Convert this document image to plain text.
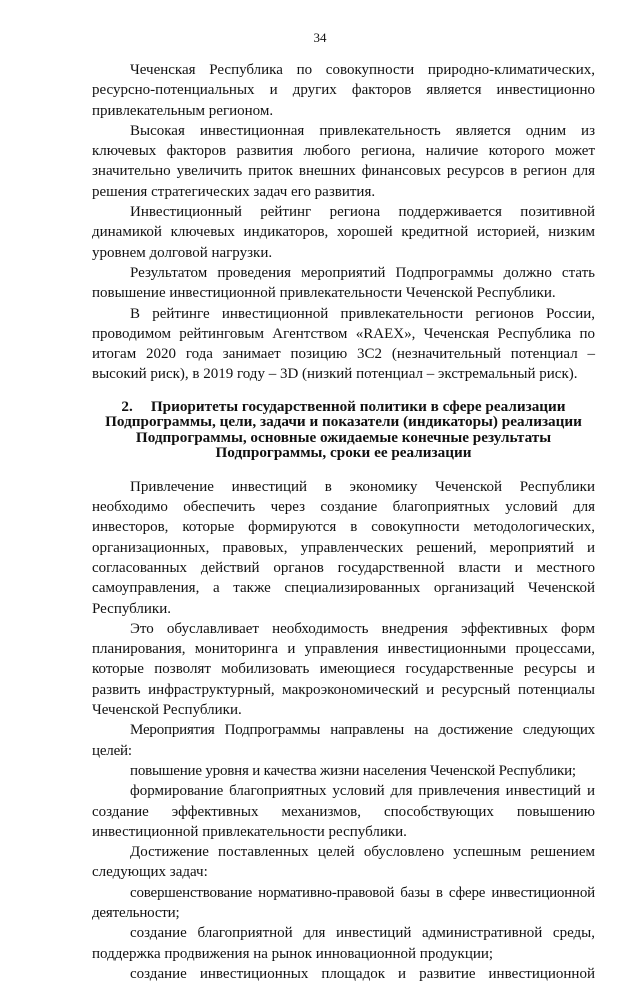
34

Чеченская Республика по совокупности природно-климатических, ресурсно-потенциальных и других факторов является инвестиционно привлекательным регионом.

Высокая инвестиционная привлекательность является одним из ключевых факторов развития любого региона, наличие которого может значительно увеличить приток внешних финансовых ресурсов в регион для решения стратегических задач его развития.

Инвестиционный рейтинг региона поддерживается позитивной динамикой ключевых индикаторов, хорошей кредитной историей, низким уровнем долговой нагрузки.

Результатом проведения мероприятий Подпрограммы должно стать повышение инвестиционной привлекательности Чеченской Республики.

В рейтинге инвестиционной привлекательности регионов России, проводимом рейтинговым Агентством «RAEX», Чеченская Республика по итогам 2020 года занимает позицию 3С2 (незначительный потенциал – высокий риск), в 2019 году – 3D (низкий потенциал – экстремальный риск).

2. Приоритеты государственной политики в сфере реализации Подпрограммы, цели, задачи и показатели (индикаторы) реализации Подпрограммы, основные ожидаемые конечные результаты Подпрограммы, сроки ее реализации

Привлечение инвестиций в экономику Чеченской Республики необходимо обеспечить через создание благоприятных условий для инвесторов, которые формируются в совокупности методологических, организационных, правовых, управленческих решений, мероприятий и согласованных действий органов государственной власти и местного самоуправления, а также специализированных организаций Чеченской Республики.

Это обуславливает необходимость внедрения эффективных форм планирования, мониторинга и управления инвестиционными процессами, которые позволят мобилизовать имеющиеся государственные ресурсы и развить инфраструктурный, макроэкономический и ресурсный потенциалы Чеченской Республики.

Мероприятия Подпрограммы направлены на достижение следующих целей:

повышение уровня и качества жизни населения Чеченской Республики;

формирование благоприятных условий для привлечения инвестиций и создание эффективных механизмов, способствующих повышению инвестиционной привлекательности республики.

Достижение поставленных целей обусловлено успешным решением следующих задач:

совершенствование нормативно-правовой базы в сфере инвестиционной деятельности;

создание благоприятной для инвестиций административной среды, поддержка продвижения на рынок инновационной продукции;

создание инвестиционных площадок и развитие инвестиционной
